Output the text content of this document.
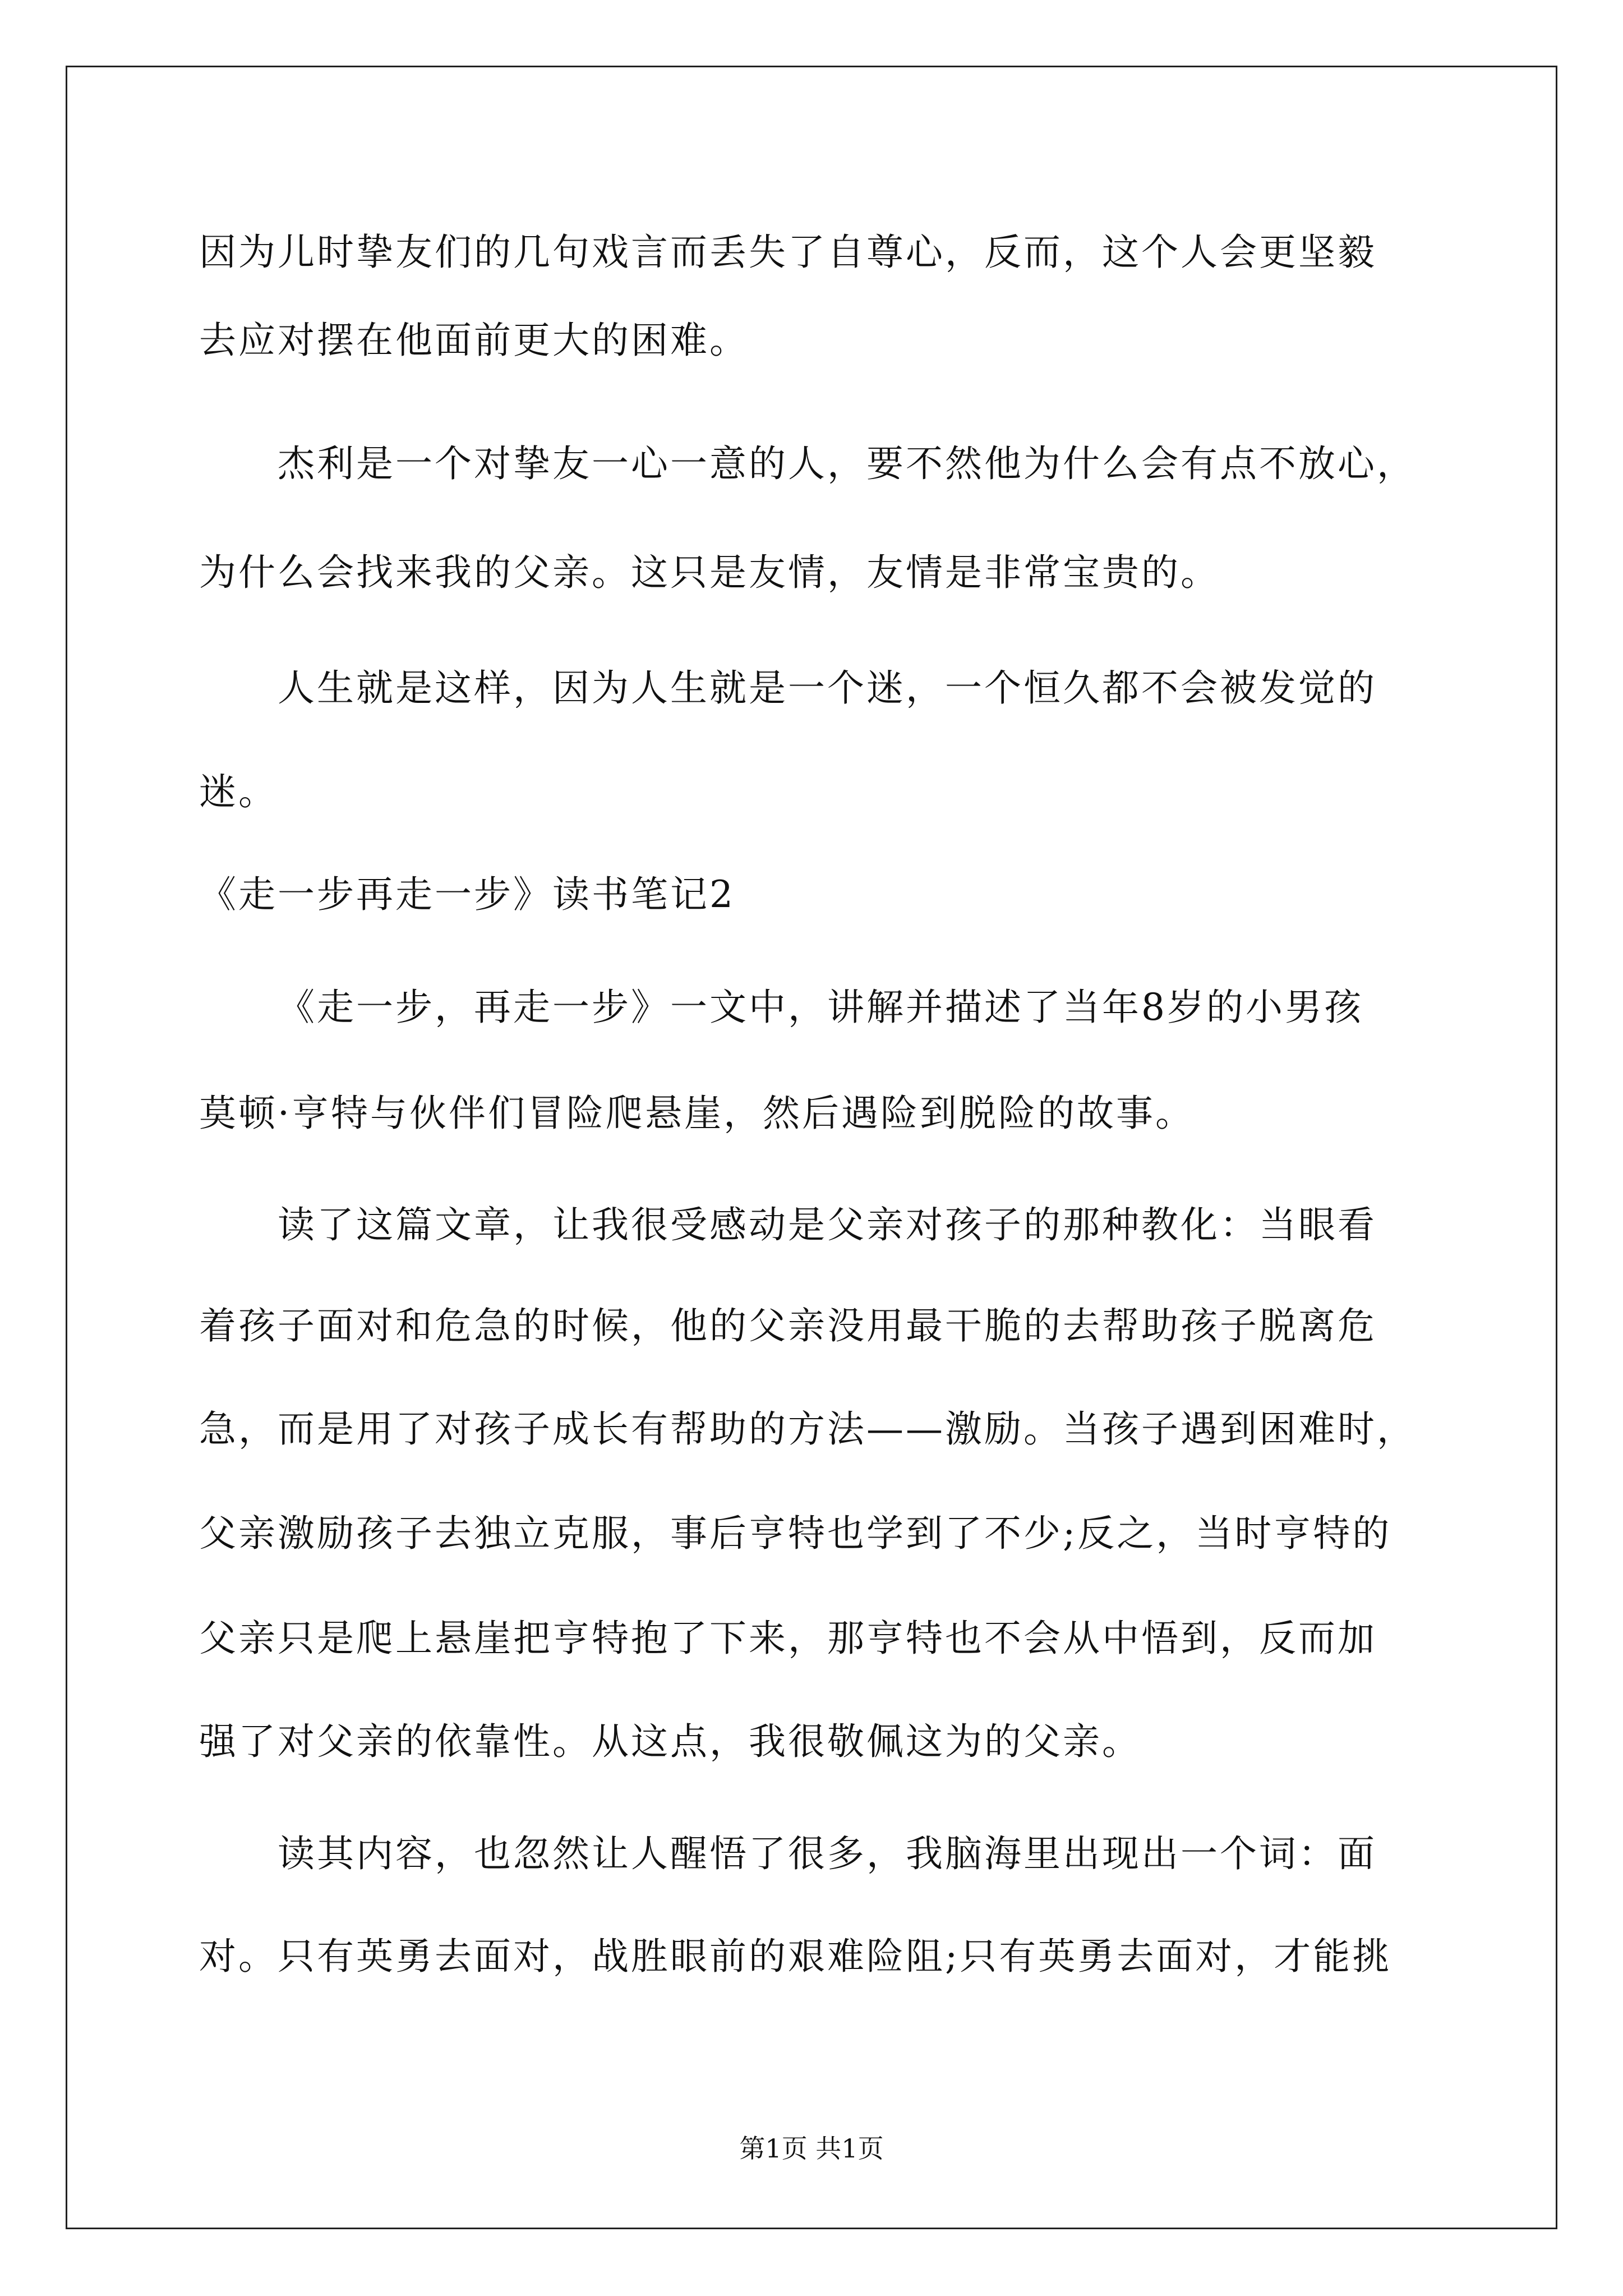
因为儿时挚友们的几句戏言而丢失了自尊心，反而，这个人会更坚毅
去应对摆在他面前更大的困难。
杰利是一个对挚友一心一意的人，要不然他为什么会有点不放心，
为什么会找来我的父亲。这只是友情，友情是非常宝贵的。
人生就是这样，因为人生就是一个迷，一个恒久都不会被发觉的
迷。
《走一步再走一步》读书笔记2
《走一步，再走一步》一文中，讲解并描述了当年8岁的小男孩
莫顿·亨特与伙伴们冒险爬悬崖，然后遇险到脱险的故事。
读了这篇文章，让我很受感动是父亲对孩子的那种教化：当眼看
着孩子面对和危急的时候，他的父亲没用最干脆的去帮助孩子脱离危
急，而是用了对孩子成长有帮助的方法——激励。当孩子遇到困难时，
父亲激励孩子去独立克服，事后亨特也学到了不少;反之，当时亨特的
父亲只是爬上悬崖把亨特抱了下来，那亨特也不会从中悟到，反而加
强了对父亲的依靠性。从这点，我很敬佩这为的父亲。
读其内容，也忽然让人醒悟了很多，我脑海里出现出一个词：面
对。只有英勇去面对，战胜眼前的艰难险阻;只有英勇去面对，才能挑
第1页 共1页
